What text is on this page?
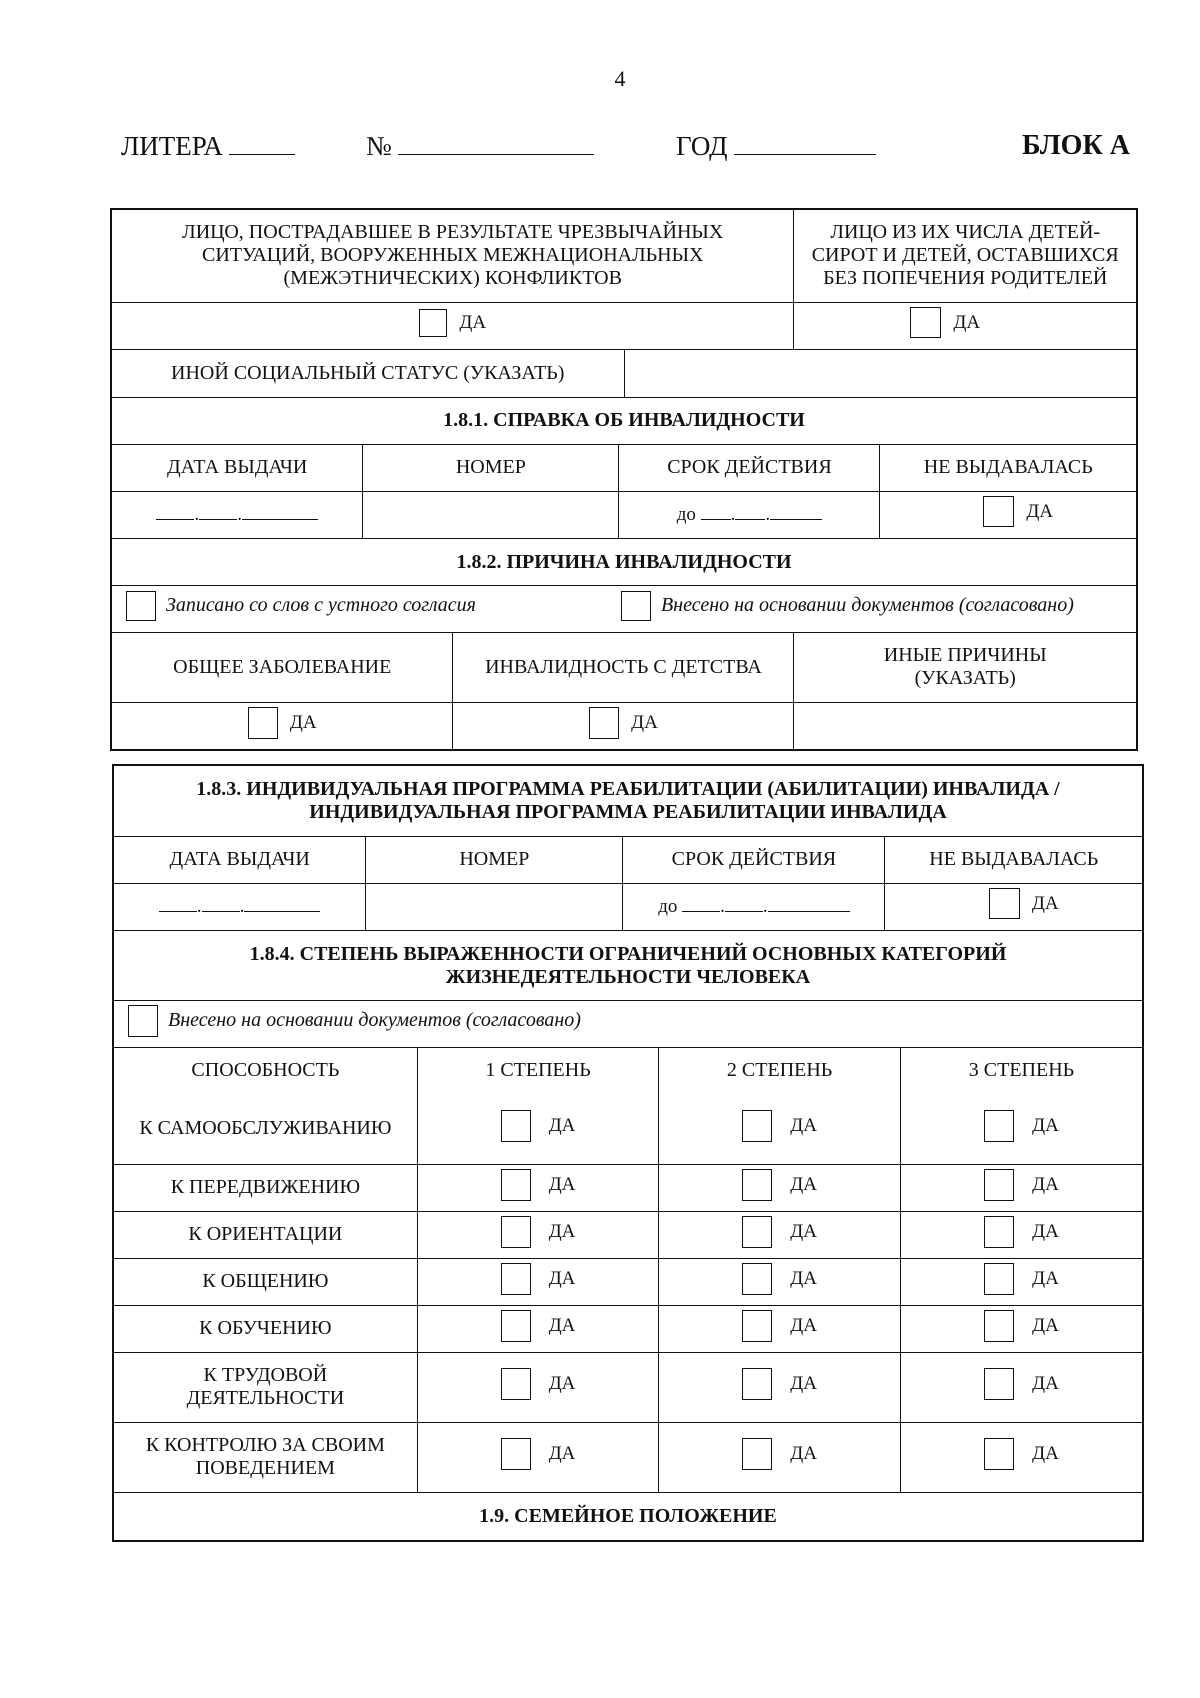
4
ЛИТЕРА	№	ГОД	БЛОК А
ЛИЦО, ПОСТРАДАВШЕЕ В РЕЗУЛЬТАТЕ ЧРЕЗВЫЧАЙНЫХ СИТУАЦИЙ, ВООРУЖЕННЫХ МЕЖНАЦИОНАЛЬНЫХ (МЕЖЭТНИЧЕСКИХ) КОНФЛИКТОВ	ЛИЦО ИЗ ИХ ЧИСЛА ДЕТЕЙ-СИРОТ И ДЕТЕЙ, ОСТАВШИХСЯ БЕЗ ПОПЕЧЕНИЯ РОДИТЕЛЕЙ

ДА	ДА
ИНОЙ СОЦИАЛЬНЫЙ СТАТУС (УКАЗАТЬ)	
1.8.1. СПРАВКА ОБ ИНВАЛИДНОСТИ			
ДАТА ВЫДАЧИ	НОМЕР	СРОК ДЕЙСТВИЯ	НЕ ВЫДАВАЛАСЬ
. .		до . .	ДА
1.8.2. ПРИЧИНА ИНВАЛИДНОСТИ

Записано со слов с устного согласия
	Внесено на основании документов (согласовано)
ОБЩЕЕ ЗАБОЛЕВАНИЕ	ИНВАЛИДНОСТЬ С ДЕТСТВА	ИНЫЕ ПРИЧИНЫ (УКАЗАТЬ)

ДА	ДА	

1.8.3. ИНДИВИДУАЛЬНАЯ ПРОГРАММА РЕАБИЛИТАЦИИ (АБИЛИТАЦИИ) ИНВАЛИДА / ИНДИВИДУАЛЬНАЯ ПРОГРАММА РЕАБИЛИТАЦИИ ИНВАЛИДА			

ДАТА ВЫДАЧИ	НОМЕР	СРОК ДЕЙСТВИЯ	НЕ ВЫДАВАЛАСЬ
. .		до . .	ДА
1.8.4. СТЕПЕНЬ ВЫРАЖЕННОСТИ ОГРАНИЧЕНИЙ ОСНОВНЫХ КАТЕГОРИЙ ЖИЗНЕДЕЯТЕЛЬНОСТИ ЧЕЛОВЕКА

Внесено на основании документов (согласовано)
СПОСОБНОСТЬ	1 СТЕПЕНЬ	2 СТЕПЕНЬ	3 СТЕПЕНЬ

К САМООБСЛУЖИВАНИЮ	ДА	ДА	ДА

К ПЕРЕДВИЖЕНИЮ	ДА	ДА	ДА

К ОРИЕНТАЦИИ	ДА	ДА	ДА

К ОБЩЕНИЮ	ДА	ДА	ДА

К ОБУЧЕНИЮ	ДА	ДА	ДА

К ТРУДОВОЙ ДЕЯТЕЛЬНОСТИ	ДА	ДА	ДА

К КОНТРОЛЮ ЗА СВОИМ ПОВЕДЕНИЕМ	ДА	ДА	ДА
1.9. СЕМЕЙНОЕ ПОЛОЖЕНИЕ
